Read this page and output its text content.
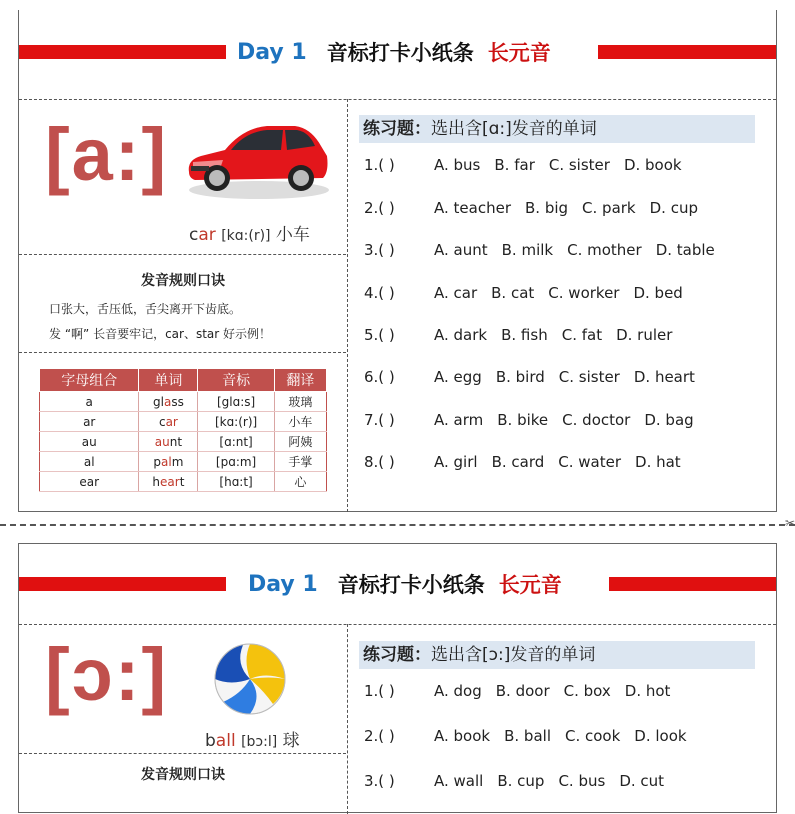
Day 1 音标打卡小纸条 长元音
[a:]
car [kɑ:(r)] 小车
发音规则口诀
口张大，舌压低，舌尖离开下齿底。
发 “啊” 长音要牢记，car、star 好示例！
字母组合	单词	音标	翻译
a	glass	[glɑ:s]	玻璃
ar	car	[kɑ:(r)]	小车
au	aunt	[ɑ:nt]	阿姨
al	palm	[pɑ:m]	手掌
ear	heart	[hɑ:t]	心
练习题：选出含[ɑ:]发音的单词
1.( )	A. bus B. far C. sister D. book
2.( )	A. teacher B. big C. park D. cup
3.( )	A. aunt B. milk C. mother D. table
4.( )	A. car B. cat C. worker D. bed
5.( )	A. dark B. fish C. fat D. ruler
6.( )	A. egg B. bird C. sister D. heart
7.( )	A. arm B. bike C. doctor D. bag
8.( )	A. girl B. card C. water D. hat
✂
Day 1 音标打卡小纸条 长元音
[ɔ:]
ball [bɔ:l] 球
发音规则口诀
练习题：选出含[ɔ:]发音的单词
1.( )	A. dog B. door C. box D. hot
2.( )	A. book B. ball C. cook D. look
3.( )	A. wall B. cup C. bus D. cut
